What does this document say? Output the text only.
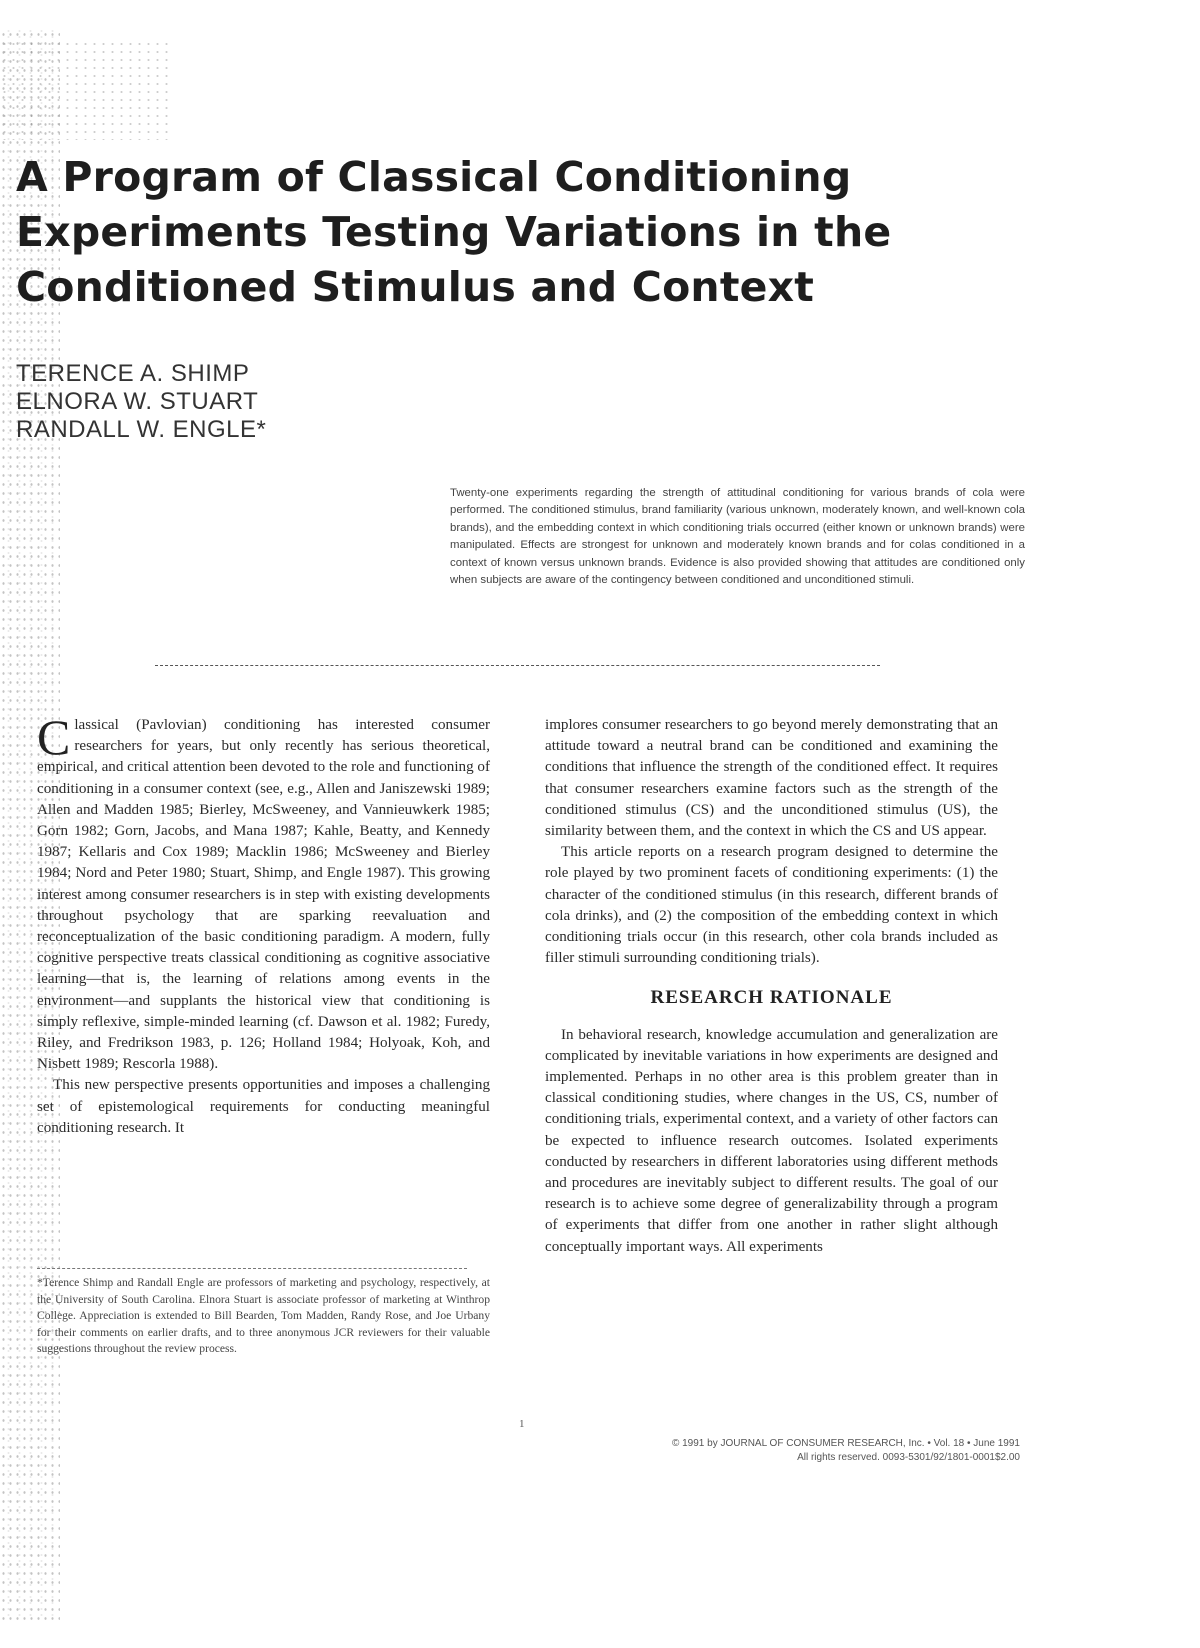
A Program of Classical Conditioning
Experiments Testing Variations in the
Conditioned Stimulus and Context
TERENCE A. SHIMP
ELNORA W. STUART
RANDALL W. ENGLE*

Twenty-one experiments regarding the strength of attitudinal conditioning for various brands of cola were performed. The conditioned stimulus, brand familiarity (various unknown, moderately known, and well-known cola brands), and the embedding context in which conditioning trials occurred (either known or unknown brands) were manipulated. Effects are strongest for unknown and moderately known brands and for colas conditioned in a context of known versus unknown brands. Evidence is also provided showing that attitudes are conditioned only when subjects are aware of the contingency between conditioned and unconditioned stimuli.

Classical (Pavlovian) conditioning has interested consumer researchers for years, but only recently has serious theoretical, empirical, and critical attention been devoted to the role and functioning of conditioning in a consumer context (see, e.g., Allen and Janiszewski 1989; Allen and Madden 1985; Bierley, McSweeney, and Vannieuwkerk 1985; Gorn 1982; Gorn, Jacobs, and Mana 1987; Kahle, Beatty, and Kennedy 1987; Kellaris and Cox 1989; Macklin 1986; McSweeney and Bierley 1984; Nord and Peter 1980; Stuart, Shimp, and Engle 1987). This growing interest among consumer researchers is in step with existing developments throughout psychology that are sparking reevaluation and reconceptualization of the basic conditioning paradigm. A modern, fully cognitive perspective treats classical conditioning as cognitive associative learning—that is, the learning of relations among events in the environment—and supplants the historical view that conditioning is simply reflexive, simple-minded learning (cf. Dawson et al. 1982; Furedy, Riley, and Fredrikson 1983, p. 126; Holland 1984; Holyoak, Koh, and Nisbett 1989; Rescorla 1988).

This new perspective presents opportunities and imposes a challenging set of epistemological requirements for conducting meaningful conditioning research. It

*Terence Shimp and Randall Engle are professors of marketing and psychology, respectively, at the University of South Carolina. Elnora Stuart is associate professor of marketing at Winthrop College. Appreciation is extended to Bill Bearden, Tom Madden, Randy Rose, and Joe Urbany for their comments on earlier drafts, and to three anonymous JCR reviewers for their valuable suggestions throughout the review process.

implores consumer researchers to go beyond merely demonstrating that an attitude toward a neutral brand can be conditioned and examining the conditions that influence the strength of the conditioned effect. It requires that consumer researchers examine factors such as the strength of the conditioned stimulus (CS) and the unconditioned stimulus (US), the similarity between them, and the context in which the CS and US appear.

This article reports on a research program designed to determine the role played by two prominent facets of conditioning experiments: (1) the character of the conditioned stimulus (in this research, different brands of cola drinks), and (2) the composition of the embedding context in which conditioning trials occur (in this research, other cola brands included as filler stimuli surrounding conditioning trials).

RESEARCH RATIONALE

In behavioral research, knowledge accumulation and generalization are complicated by inevitable variations in how experiments are designed and implemented. Perhaps in no other area is this problem greater than in classical conditioning studies, where changes in the US, CS, number of conditioning trials, experimental context, and a variety of other factors can be expected to influence research outcomes. Isolated experiments conducted by researchers in different laboratories using different methods and procedures are inevitably subject to different results. The goal of our research is to achieve some degree of generalizability through a program of experiments that differ from one another in rather slight although conceptually important ways. All experiments

1
© 1991 by JOURNAL OF CONSUMER RESEARCH, Inc. • Vol. 18 • June 1991
All rights reserved. 0093-5301/92/1801-0001$2.00
